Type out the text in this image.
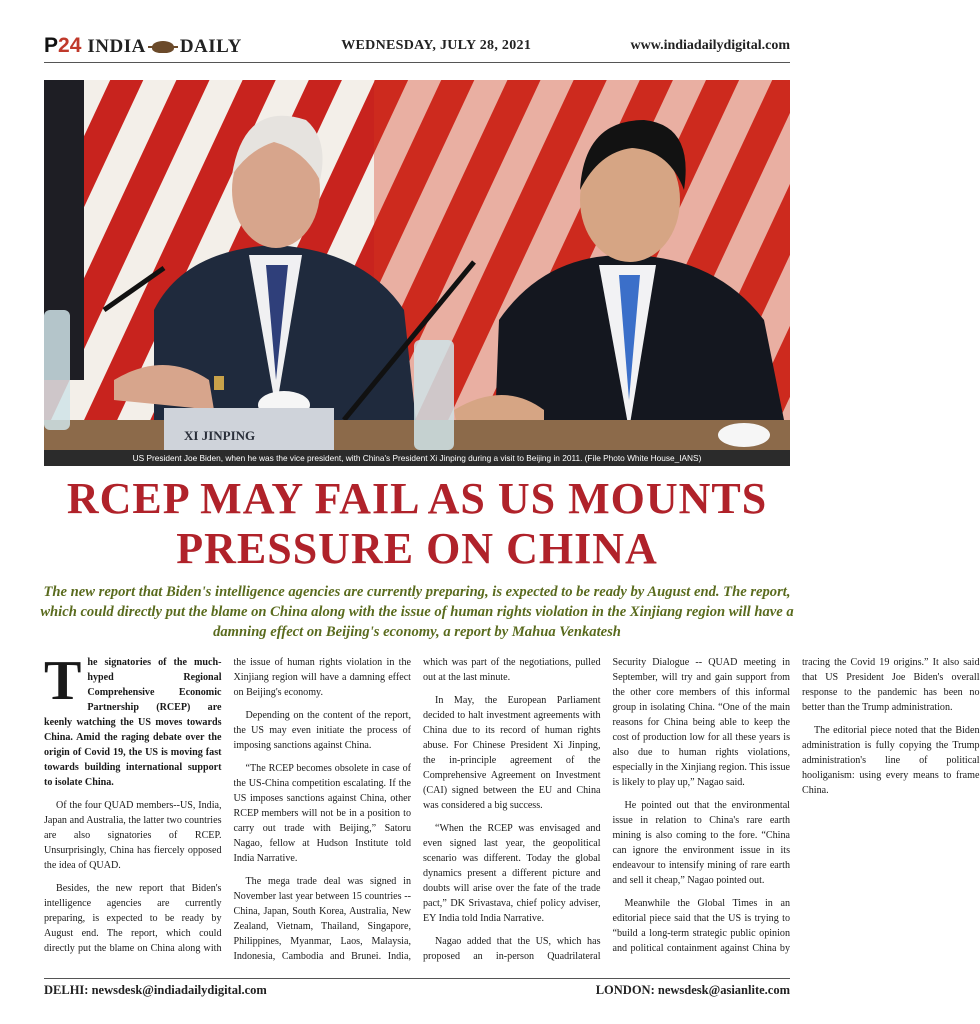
P24 INDIA DAILY	WEDNESDAY, JULY 28, 2021	www.indiadailydigital.com
XI JINPING
US President Joe Biden, when he was the vice president, with China's President Xi Jinping during a visit to Beijing in 2011. (File Photo White House_IANS)
RCEP MAY FAIL AS US MOUNTS PRESSURE ON CHINA
The new report that Biden's intelligence agencies are currently preparing, is expected to be ready by August end. The report, which could directly put the blame on China along with the issue of human rights violation in the Xinjiang region will have a damning effect on Beijing's economy, a report by Mahua Venkatesh

The signatories of the much-hyped Regional Comprehensive Economic Partnership (RCEP) are keenly watching the US moves towards China. Amid the raging debate over the origin of Covid 19, the US is moving fast towards building international support to isolate China.

Of the four QUAD members--US, India, Japan and Australia, the latter two countries are also signatories of RCEP. Unsurprisingly, China has fiercely opposed the idea of QUAD.

Besides, the new report that Biden's intelligence agencies are currently preparing, is expected to be ready by August end. The report, which could directly put the blame on China along with the issue of human rights violation in the Xinjiang region will have a damning effect on Beijing's economy.

Depending on the content of the report, the US may even initiate the process of imposing sanctions against China.

“The RCEP becomes obsolete in case of the US-China competition escalating. If the US imposes sanctions against China, other RCEP members will not be in a position to carry out trade with Beijing,” Satoru Nagao, fellow at Hudson Institute told India Narrative.

The mega trade deal was signed in November last year between 15 countries -- China, Japan, South Korea, Australia, New Zealand, Vietnam, Thailand, Singapore, Philippines, Myanmar, Laos, Malaysia, Indonesia, Cambodia and Brunei. India, which was part of the negotiations, pulled out at the last minute.

In May, the European Parliament decided to halt investment agreements with China due to its record of human rights abuse. For Chinese President Xi Jinping, the in-principle agreement of the Comprehensive Agreement on Investment (CAI) signed between the EU and China was considered a big success.

“When the RCEP was envisaged and even signed last year, the geopolitical scenario was different. Today the global dynamics present a different picture and doubts will arise over the fate of the trade pact,” DK Srivastava, chief policy adviser, EY India told India Narrative.

Nagao added that the US, which has proposed an in-person Quadrilateral Security Dialogue -- QUAD meeting in September, will try and gain support from the other core members of this informal group in isolating China. “One of the main reasons for China being able to keep the cost of production low for all these years is also due to human rights violations, especially in the Xinjiang region. This issue is likely to play up,” Nagao said.

He pointed out that the environmental issue in relation to China's rare earth mining is also coming to the fore. “China can ignore the environment issue in its endeavour to intensify mining of rare earth and sell it cheap,” Nagao pointed out.

Meanwhile the Global Times in an editorial piece said that the US is trying to “build a long-term strategic public opinion and political containment against China by tracing the Covid 19 origins.” It also said that US President Joe Biden's overall response to the pandemic has been no better than the Trump administration.

The editorial piece noted that the Biden administration is fully copying the Trump administration's line of political hooliganism: using every means to frame China.

DELHI: newsdesk@indiadailydigital.com	LONDON: newsdesk@asianlite.com
